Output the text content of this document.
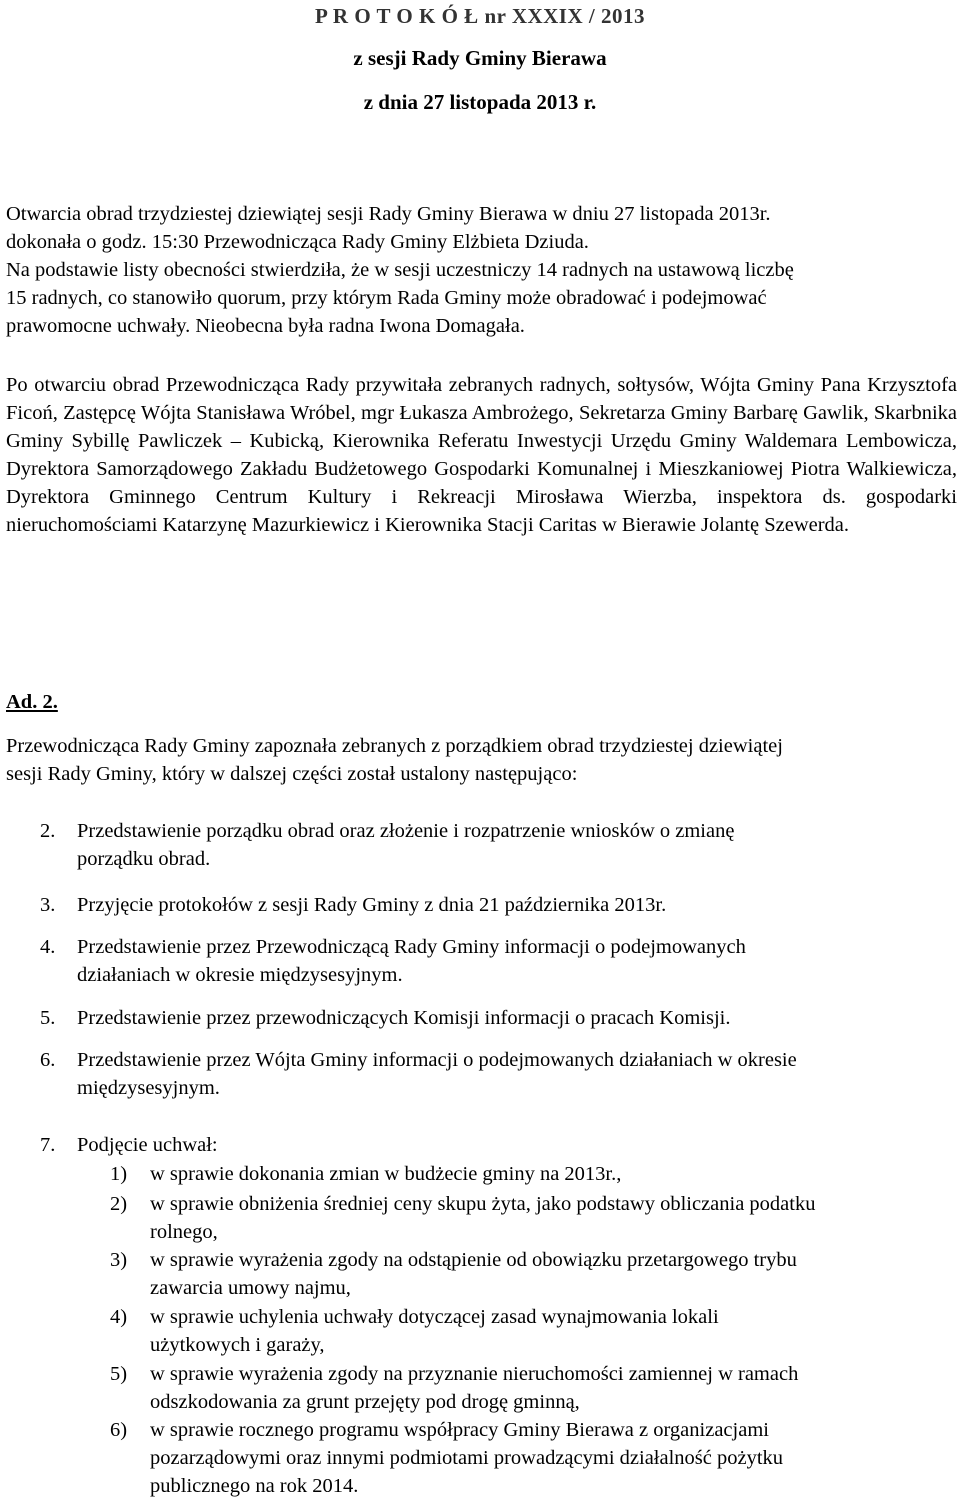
P R O T O K Ó Ł nr XXXIX / 2013
z sesji Rady Gminy Bierawa
z dnia 27 listopada 2013 r.

Otwarcia obrad trzydziestej dziewiątej sesji Rady Gminy Bierawa w dniu 27 listopada 2013r.

dokonała o godz. 15:30 Przewodnicząca Rady Gminy Elżbieta Dziuda.

Na podstawie listy obecności stwierdziła, że w sesji uczestniczy 14 radnych na ustawową liczbę

15 radnych, co stanowiło quorum, przy którym Rada Gminy może obradować i podejmować

prawomocne uchwały. Nieobecna była radna Iwona Domagała.

Po otwarciu obrad Przewodnicząca Rady przywitała zebranych radnych, sołtysów, Wójta Gminy Pana Krzysztofa Ficoń, Zastępcę Wójta Stanisława Wróbel, mgr Łukasza Ambrożego, Sekretarza Gminy Barbarę Gawlik, Skarbnika Gminy Sybillę Pawliczek – Kubicką, Kierownika Referatu Inwestycji Urzędu Gminy Waldemara Lembowicza, Dyrektora Samorządowego Zakładu Budżetowego Gospodarki Komunalnej i Mieszkaniowej Piotra Walkiewicza, Dyrektora Gminnego Centrum Kultury i Rekreacji Mirosława Wierzba, inspektora ds. gospodarki nieruchomościami Katarzynę Mazurkiewicz i Kierownika Stacji Caritas w Bierawie Jolantę Szewerda.

Ad. 2.

Przewodnicząca Rady Gminy zapoznała zebranych z porządkiem obrad trzydziestej dziewiątej

sesji Rady Gminy, który w dalszej części został ustalony następująco:

2. Przedstawienie porządku obrad oraz złożenie i rozpatrzenie wniosków o zmianę

porządku obrad.

3. Przyjęcie protokołów z sesji Rady Gminy z dnia 21 października 2013r.

4. Przedstawienie przez Przewodniczącą Rady Gminy informacji o podejmowanych

działaniach w okresie międzysesyjnym.

5. Przedstawienie przez przewodniczących Komisji informacji o pracach Komisji.

6. Przedstawienie przez Wójta Gminy informacji o podejmowanych działaniach w okresie

międzysesyjnym.

7. Podjęcie uchwał:

1) w sprawie dokonania zmian w budżecie gminy na 2013r.,

2) w sprawie obniżenia średniej ceny skupu żyta, jako podstawy obliczania podatku

rolnego,

3) w sprawie wyrażenia zgody na odstąpienie od obowiązku przetargowego trybu

zawarcia umowy najmu,

4) w sprawie uchylenia uchwały dotyczącej zasad wynajmowania lokali

użytkowych i garaży,

5) w sprawie wyrażenia zgody na przyznanie nieruchomości zamiennej w ramach

odszkodowania za grunt przejęty pod drogę gminną,

6) w sprawie rocznego programu współpracy Gminy Bierawa z organizacjami

pozarządowymi oraz innymi podmiotami prowadzącymi działalność pożytku

publicznego na rok 2014.
